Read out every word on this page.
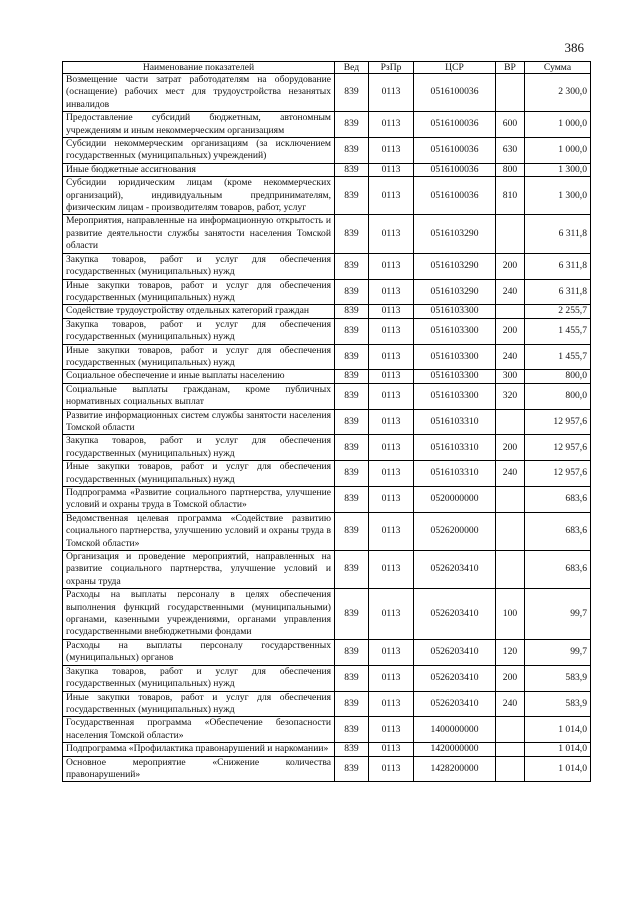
386
Наименование показателей	Вед	РзПр	ЦСР	ВР	Сумма
Возмещение части затрат работодателям на оборудование (оснащение) рабочих мест для трудоустройства незанятых инвалидов	839	0113	0516100036		2 300,0
Предоставление субсидий бюджетным, автономным учреждениям и иным некоммерческим организациям	839	0113	0516100036	600	1 000,0
Субсидии некоммерческим организациям (за исключением государственных (муниципальных) учреждений)	839	0113	0516100036	630	1 000,0
Иные бюджетные ассигнования	839	0113	0516100036	800	1 300,0
Субсидии юридическим лицам (кроме некоммерческих организаций), индивидуальным предпринимателям, физическим лицам - производителям товаров, работ, услуг	839	0113	0516100036	810	1 300,0
Мероприятия, направленные на информационную открытость и развитие деятельности службы занятости населения Томской области	839	0113	0516103290		6 311,8
Закупка товаров, работ и услуг для обеспечения государственных (муниципальных) нужд	839	0113	0516103290	200	6 311,8
Иные закупки товаров, работ и услуг для обеспечения государственных (муниципальных) нужд	839	0113	0516103290	240	6 311,8
Содействие трудоустройству отдельных категорий граждан	839	0113	0516103300		2 255,7
Закупка товаров, работ и услуг для обеспечения государственных (муниципальных) нужд	839	0113	0516103300	200	1 455,7
Иные закупки товаров, работ и услуг для обеспечения государственных (муниципальных) нужд	839	0113	0516103300	240	1 455,7
Социальное обеспечение и иные выплаты населению	839	0113	0516103300	300	800,0
Социальные выплаты гражданам, кроме публичных нормативных социальных выплат	839	0113	0516103300	320	800,0
Развитие информационных систем службы занятости населения Томской области	839	0113	0516103310		12 957,6
Закупка товаров, работ и услуг для обеспечения государственных (муниципальных) нужд	839	0113	0516103310	200	12 957,6
Иные закупки товаров, работ и услуг для обеспечения государственных (муниципальных) нужд	839	0113	0516103310	240	12 957,6
Подпрограмма «Развитие социального партнерства, улучшение условий и охраны труда в Томской области»	839	0113	0520000000		683,6
Ведомственная целевая программа «Содействие развитию социального партнерства, улучшению условий и охраны труда в Томской области»	839	0113	0526200000		683,6
Организация и проведение мероприятий, направленных на развитие социального партнерства, улучшение условий и охраны труда	839	0113	0526203410		683,6
Расходы на выплаты персоналу в целях обеспечения выполнения функций государственными (муниципальными) органами, казенными учреждениями, органами управления государственными внебюджетными фондами	839	0113	0526203410	100	99,7
Расходы на выплаты персоналу государственных (муниципальных) органов	839	0113	0526203410	120	99,7
Закупка товаров, работ и услуг для обеспечения государственных (муниципальных) нужд	839	0113	0526203410	200	583,9
Иные закупки товаров, работ и услуг для обеспечения государственных (муниципальных) нужд	839	0113	0526203410	240	583,9
Государственная программа «Обеспечение безопасности населения Томской области»	839	0113	1400000000		1 014,0
Подпрограмма «Профилактика правонарушений и наркомании»	839	0113	1420000000		1 014,0
Основное мероприятие «Снижение количества правонарушений»	839	0113	1428200000		1 014,0
